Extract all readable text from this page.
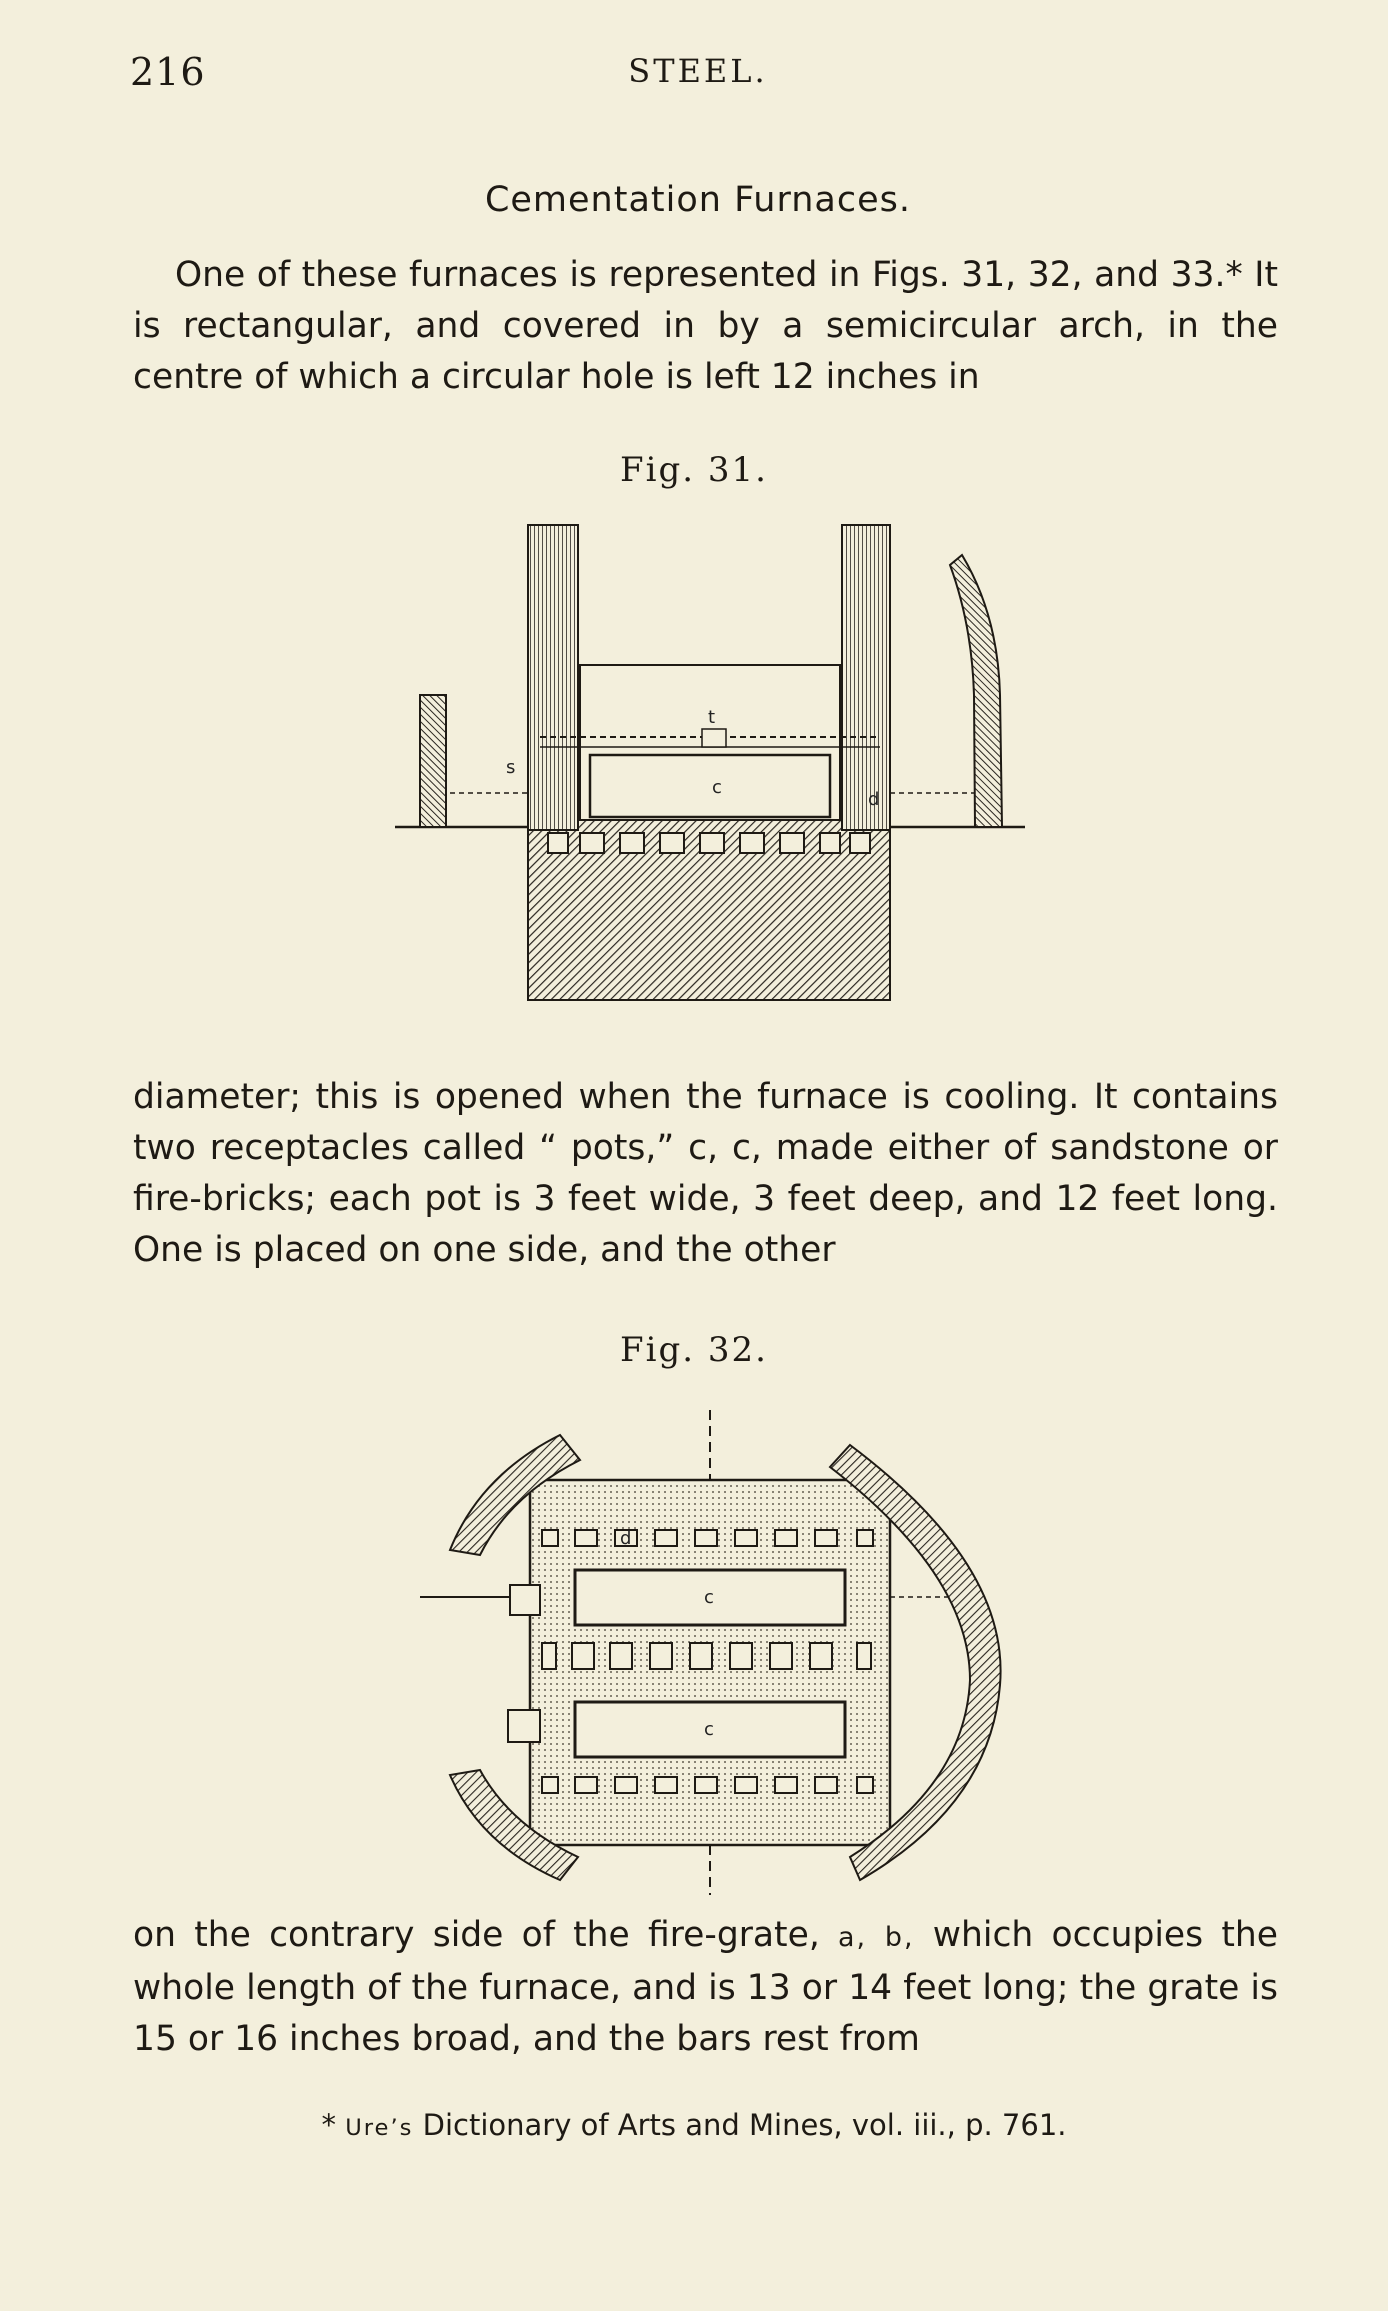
216	STEEL.
Cementation Furnaces.

One of these furnaces is represented in Figs. 31, 32, and 33.* It is rectangular, and covered in by a semicircular arch, in the centre of which a circular hole is left 12 inches in

Fig. 31.
c
t
s
d

diameter; this is opened when the furnace is cooling. It contains two receptacles called “ pots,” c, c, made either of sandstone or fire-bricks; each pot is 3 feet wide, 3 feet deep, and 12 feet long. One is placed on one side, and the other

Fig. 32.
c
c
d

on the contrary side of the fire-grate, a, b, which occupies the whole length of the furnace, and is 13 or 14 feet long; the grate is 15 or 16 inches broad, and the bars rest from

* Ure’s Dictionary of Arts and Mines, vol. iii., p. 761.
